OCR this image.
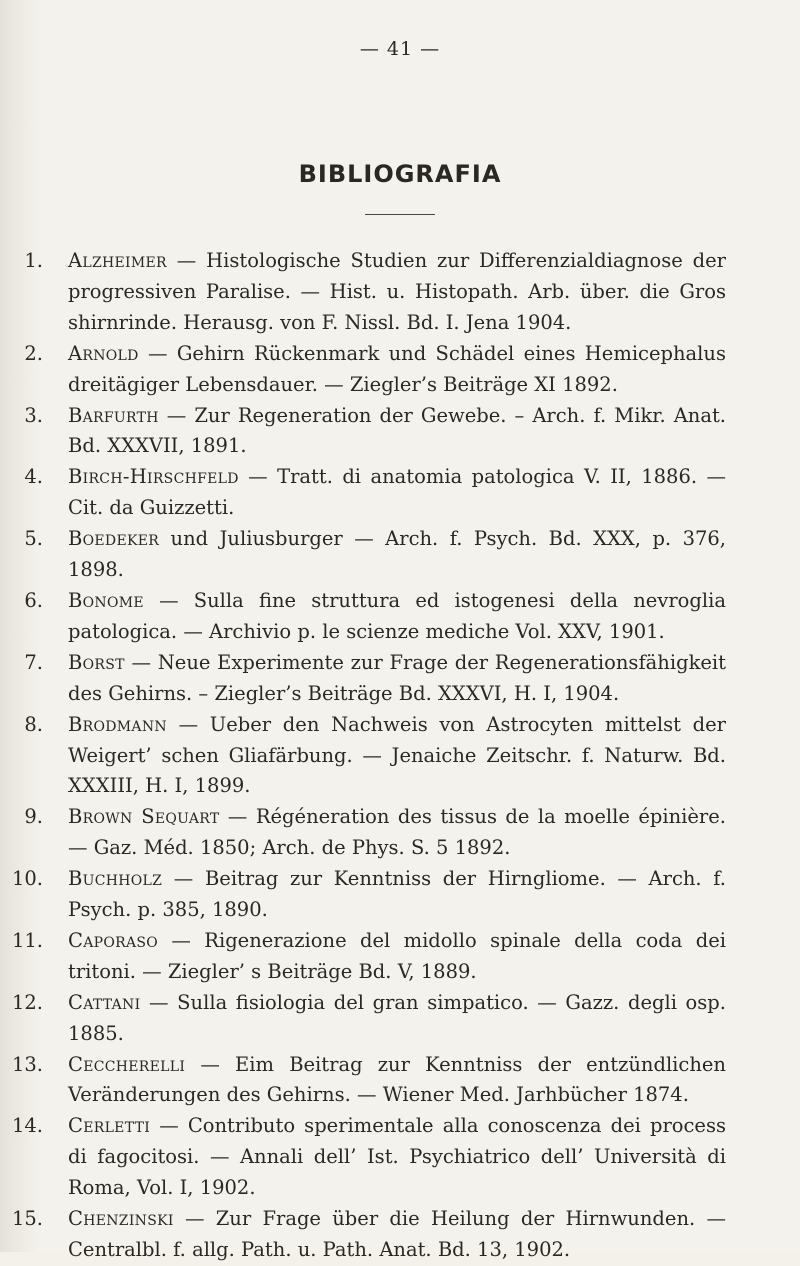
— 41 —
BIBLIOGRAFIA
1. Alzheimer — Histologische Studien zur Differenzialdiagnose der progressiven Paralise. — Hist. u. Histopath. Arb. über. die Gros shirnrinde. Herausg. von F. Nissl. Bd. I. Jena 1904.
2. Arnold — Gehirn Rückenmark und Schädel eines Hemicephalus dreitägiger Lebensdauer. — Ziegler’s Beiträge XI 1892.
3. Barfurth — Zur Regeneration der Gewebe. – Arch. f. Mikr. Anat. Bd. XXXVII, 1891.
4. Birch-Hirschfeld — Tratt. di anatomia patologica V. II, 1886. — Cit. da Guizzetti.
5. Boedeker und Juliusburger — Arch. f. Psych. Bd. XXX, p. 376, 1898.
6. Bonome — Sulla fine struttura ed istogenesi della nevroglia patologica. — Archivio p. le scienze mediche Vol. XXV, 1901.
7. Borst — Neue Experimente zur Frage der Regenerationsfähigkeit des Gehirns. – Ziegler’s Beiträge Bd. XXXVI, H. I, 1904.
8. Brodmann — Ueber den Nachweis von Astrocyten mittelst der Weigert’ schen Gliafärbung. — Jenaiche Zeitschr. f. Naturw. Bd. XXXIII, H. I, 1899.
9. Brown Sequart — Régéneration des tissus de la moelle épinière. — Gaz. Méd. 1850; Arch. de Phys. S. 5 1892.
10. Buchholz — Beitrag zur Kenntniss der Hirngliome. — Arch. f. Psych. p. 385, 1890.
11. Caporaso — Rigenerazione del midollo spinale della coda dei tritoni. — Ziegler’ s Beiträge Bd. V, 1889.
12. Cattani — Sulla fisiologia del gran simpatico. — Gazz. degli osp. 1885.
13. Ceccherelli — Eim Beitrag zur Kenntniss der entzündlichen Veränderungen des Gehirns. — Wiener Med. Jarhbücher 1874.
14. Cerletti — Contributo sperimentale alla conoscenza dei process di fagocitosi. — Annali dell’ Ist. Psychiatrico dell’ Università di Roma, Vol. I, 1902.
15. Chenzinski — Zur Frage über die Heilung der Hirnwunden. — Centralbl. f. allg. Path. u. Path. Anat. Bd. 13, 1902.
